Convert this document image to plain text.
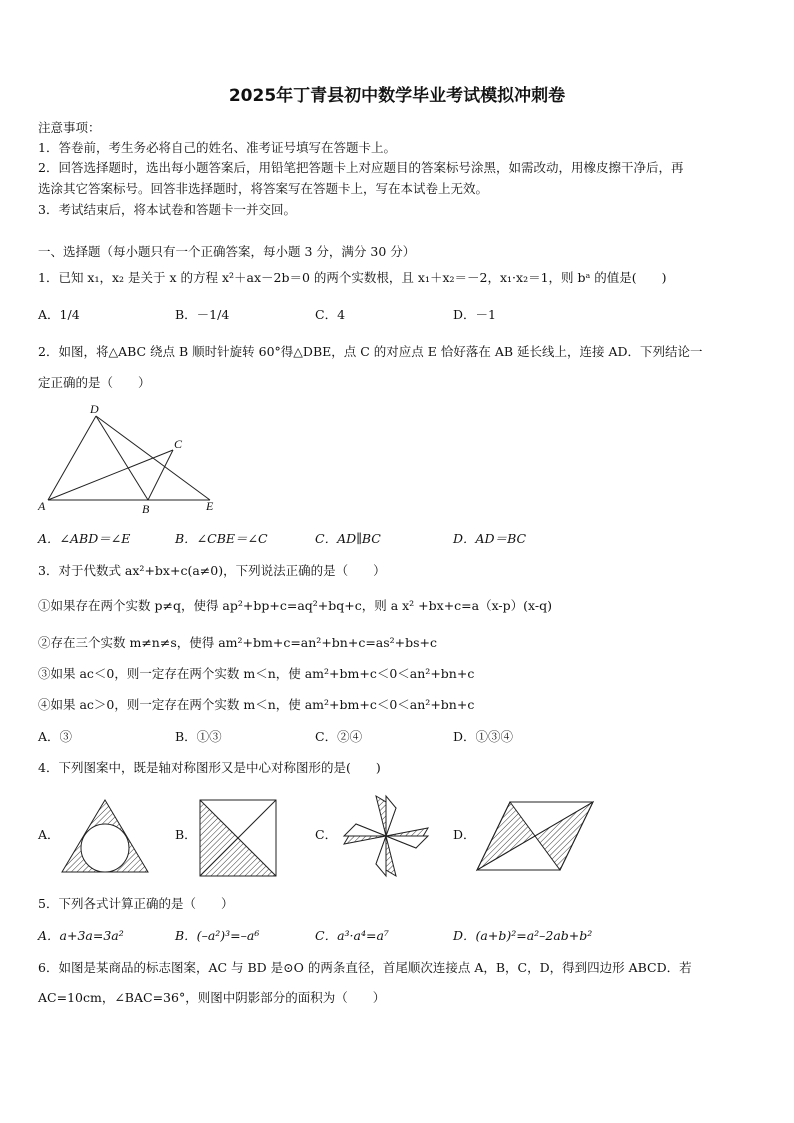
2025年丁青县初中数学毕业考试模拟冲刺卷
注意事项：
1．答卷前，考生务必将自己的姓名、准考证号填写在答题卡上。
2．回答选择题时，选出每小题答案后，用铅笔把答题卡上对应题目的答案标号涂黑，如需改动，用橡皮擦干净后，再
选涂其它答案标号。回答非选择题时，将答案写在答题卡上，写在本试卷上无效。
3．考试结束后，将本试卷和答题卡一并交回。
一、选择题（每小题只有一个正确答案，每小题 3 分，满分 30 分）
1．已知 x₁，x₂ 是关于 x 的方程 x²＋ax－2b＝0 的两个实数根，且 x₁＋x₂＝－2，x₁·x₂＝1，则 bᵃ 的值是(　　)
A．1/4	B．－1/4	C．4	D．－1
2．如图，将△ABC 绕点 B 顺时针旋转 60°得△DBE，点 C 的对应点 E 恰好落在 AB 延长线上，连接 AD．下列结论一
定正确的是（　　）
D
C
A	B	E
A．∠ABD＝∠E	B．∠CBE＝∠C	C．AD∥BC	D．AD＝BC
3．对于代数式 ax²+bx+c(a≠0)，下列说法正确的是（　　）
①如果存在两个实数 p≠q，使得 ap²+bp+c=aq²+bq+c，则 a x² +bx+c=a（x-p）(x-q)
②存在三个实数 m≠n≠s，使得 am²+bm+c=an²+bn+c=as²+bs+c
③如果 ac＜0，则一定存在两个实数 m＜n，使 am²+bm+c＜0＜an²+bn+c
④如果 ac＞0，则一定存在两个实数 m＜n，使 am²+bm+c＜0＜an²+bn+c
A．③	B．①③	C．②④	D．①③④
4．下列图案中，既是轴对称图形又是中心对称图形的是(　　)
A．	B．	C．	D．
5．下列各式计算正确的是（　　）
A．a+3a=3a²	B．(–a²)³=–a⁶	C．a³·a⁴=a⁷	D．(a+b)²=a²–2ab+b²
6．如图是某商品的标志图案，AC 与 BD 是⊙O 的两条直径，首尾顺次连接点 A，B，C，D，得到四边形 ABCD．若
AC=10cm，∠BAC=36°，则图中阴影部分的面积为（　　）
